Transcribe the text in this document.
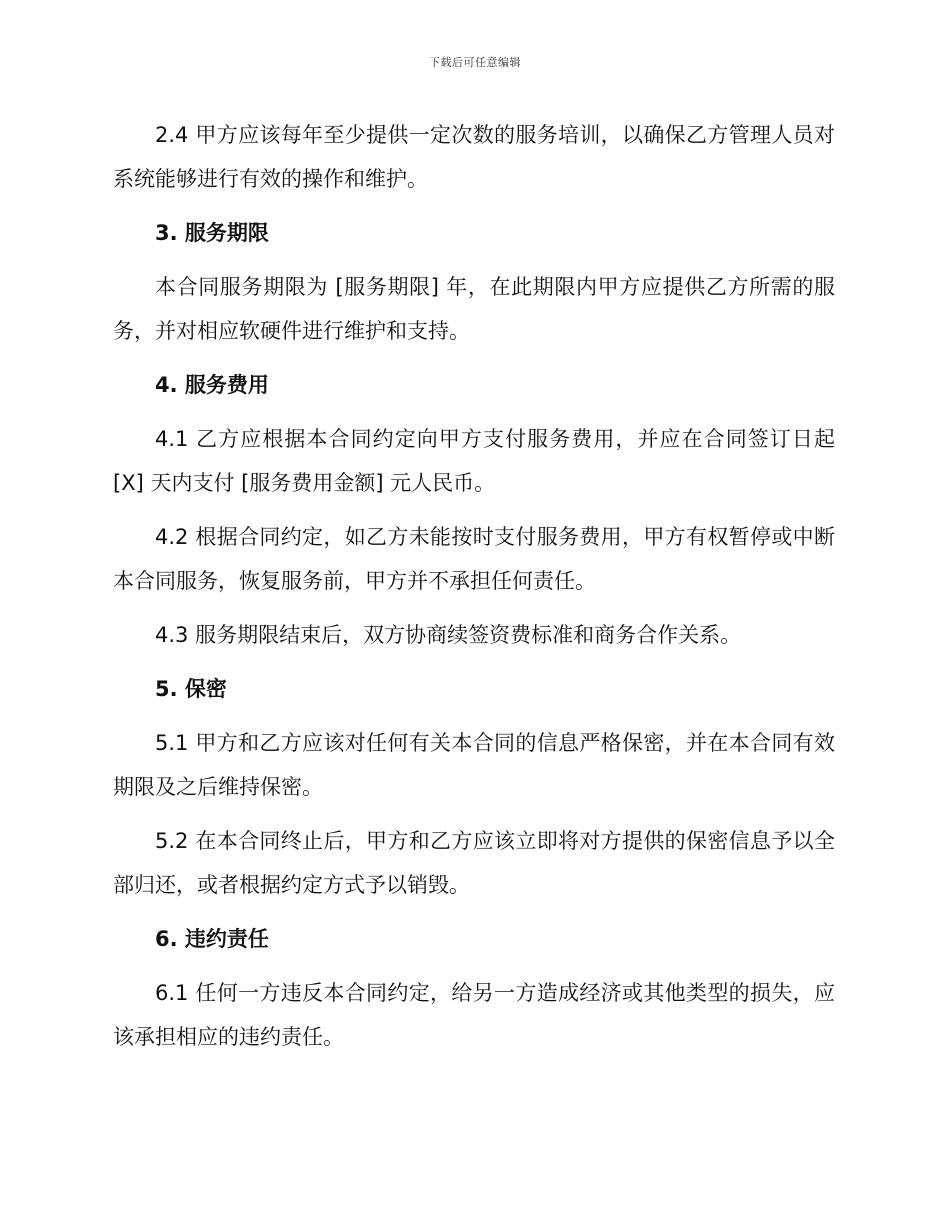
下载后可任意编辑

2.4 甲方应该每年至少提供一定次数的服务培训，以确保乙方管理人员对系统能够进行有效的操作和维护。

3. 服务期限

本合同服务期限为 [服务期限] 年，在此期限内甲方应提供乙方所需的服务，并对相应软硬件进行维护和支持。

4. 服务费用

4.1 乙方应根据本合同约定向甲方支付服务费用，并应在合同签订日起 [X] 天内支付 [服务费用金额] 元人民币。

4.2 根据合同约定，如乙方未能按时支付服务费用，甲方有权暂停或中断本合同服务，恢复服务前，甲方并不承担任何责任。

4.3 服务期限结束后，双方协商续签资费标准和商务合作关系。

5. 保密

5.1 甲方和乙方应该对任何有关本合同的信息严格保密，并在本合同有效期限及之后维持保密。

5.2 在本合同终止后，甲方和乙方应该立即将对方提供的保密信息予以全部归还，或者根据约定方式予以销毁。

6. 违约责任

6.1 任何一方违反本合同约定，给另一方造成经济或其他类型的损失，应该承担相应的违约责任。
